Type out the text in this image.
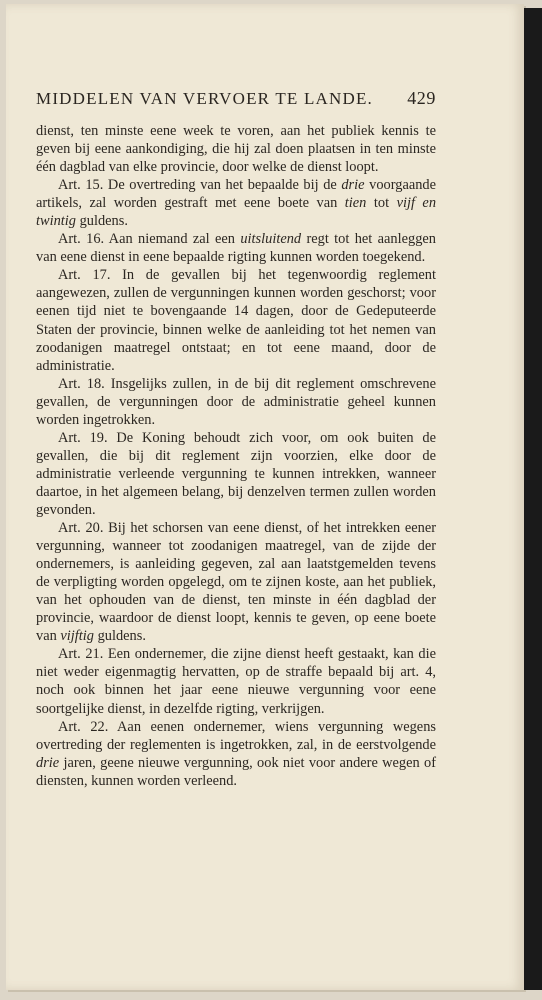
MIDDELEN VAN VERVOER TE LANDE. 429

dienst, ten minste eene week te voren, aan het publiek kennis te geven bij eene aankondiging, die hij zal doen plaatsen in ten minste één dagblad van elke provincie, door welke de dienst loopt.

Art. 15. De overtreding van het bepaalde bij de drie voorgaande artikels, zal worden gestraft met eene boete van tien tot vijf en twintig guldens.

Art. 16. Aan niemand zal een uitsluitend regt tot het aanleggen van eene dienst in eene bepaalde rigting kunnen worden toegekend.

Art. 17. In de gevallen bij het tegenwoordig reglement aangewezen, zullen de vergunningen kunnen worden geschorst; voor eenen tijd niet te bovengaande 14 dagen, door de Gedeputeerde Staten der provincie, binnen welke de aanleiding tot het nemen van zoodanigen maatregel ontstaat; en tot eene maand, door de administratie.

Art. 18. Insgelijks zullen, in de bij dit reglement omschrevene gevallen, de vergunningen door de administratie geheel kunnen worden ingetrokken.

Art. 19. De Koning behoudt zich voor, om ook buiten de gevallen, die bij dit reglement zijn voorzien, elke door de administratie verleende vergunning te kunnen intrekken, wanneer daartoe, in het algemeen belang, bij denzelven termen zullen worden gevonden.

Art. 20. Bij het schorsen van eene dienst, of het intrekken eener vergunning, wanneer tot zoodanigen maatregel, van de zijde der ondernemers, is aanleiding gegeven, zal aan laatstgemelden tevens de verpligting worden opgelegd, om te zijnen koste, aan het publiek, van het ophouden van de dienst, ten minste in één dagblad der provincie, waardoor de dienst loopt, kennis te geven, op eene boete van vijftig guldens.

Art. 21. Een ondernemer, die zijne dienst heeft gestaakt, kan die niet weder eigenmagtig hervatten, op de straffe bepaald bij art. 4, noch ook binnen het jaar eene nieuwe vergunning voor eene soortgelijke dienst, in dezelfde rigting, verkrijgen.

Art. 22. Aan eenen ondernemer, wiens vergunning wegens overtreding der reglementen is ingetrokken, zal, in de eerstvolgende drie jaren, geene nieuwe vergunning, ook niet voor andere wegen of diensten, kunnen worden verleend.
